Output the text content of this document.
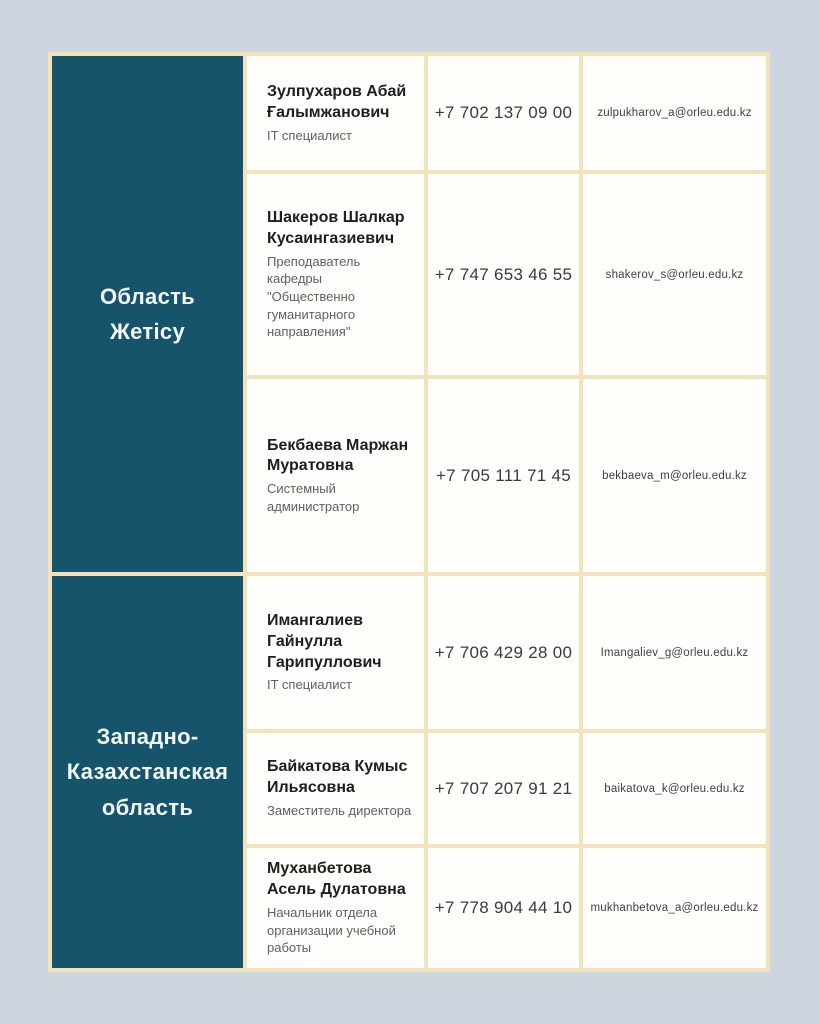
Область Жетісу
Зулпухаров Абай Ғалымжанович
IT специалист
+7 702 137 09 00 zulpukharov_a@orleu.edu.kz
Шакеров Шалкар Кусаингазиевич
Преподаватель кафедры "Общественно гуманитарного направления"
+7 747 653 46 55	shakerov_s@orleu.edu.kz
Бекбаева Маржан Муратовна
Системный администратор
+7 705 111 71 45	bekbaeva_m@orleu.edu.kz
Западно-Казахстанская область
Имангалиев Гайнулла Гарипуллович
IT специалист
+7 706 429 28 00 Imangaliev_g@orleu.edu.kz
Байкатова Кумыс Ильясовна
Заместитель директора
+7 707 207 91 21	baikatova_k@orleu.edu.kz
Муханбетова Асель Дулатовна
Начальник отдела организации учебной работы
+7 778 904 44 10 mukhanbetova_a@orleu.edu.kz
